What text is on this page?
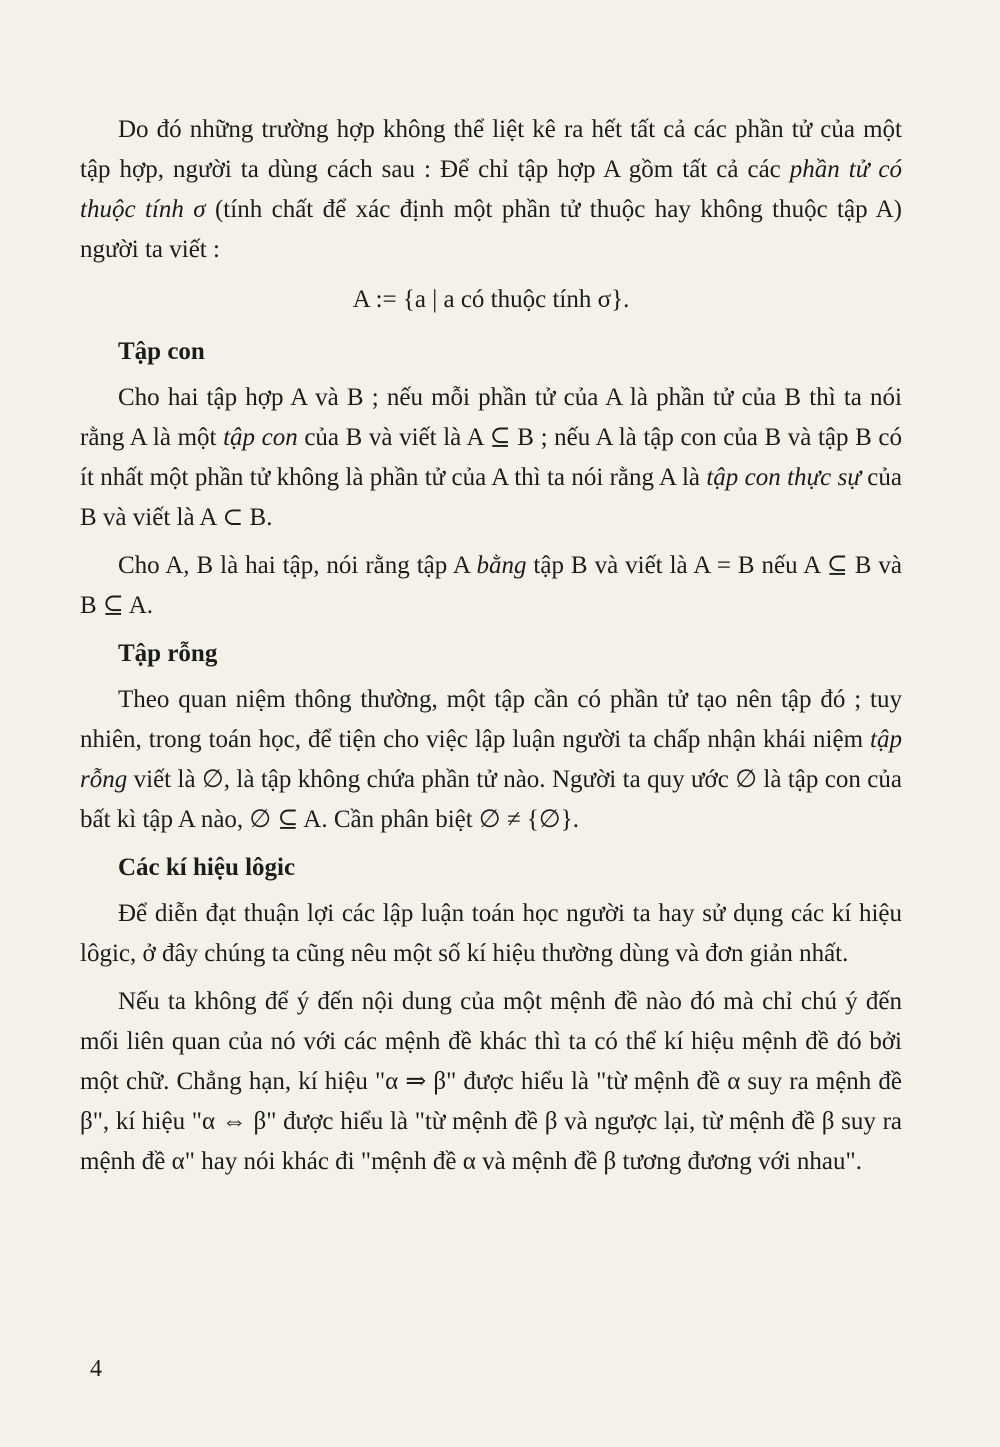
Do đó những trường hợp không thể liệt kê ra hết tất cả các phần tử của một tập hợp, người ta dùng cách sau : Để chỉ tập hợp A gồm tất cả các phần tử có thuộc tính σ (tính chất để xác định một phần tử thuộc hay không thuộc tập A) người ta viết :

A := {a | a có thuộc tính σ}.

Tập con

Cho hai tập hợp A và B ; nếu mỗi phần tử của A là phần tử của B thì ta nói rằng A là một tập con của B và viết là A ⊆ B ; nếu A là tập con của B và tập B có ít nhất một phần tử không là phần tử của A thì ta nói rằng A là tập con thực sự của B và viết là A ⊂ B.

Cho A, B là hai tập, nói rằng tập A bằng tập B và viết là A = B nếu A ⊆ B và B ⊆ A.

Tập rỗng

Theo quan niệm thông thường, một tập cần có phần tử tạo nên tập đó ; tuy nhiên, trong toán học, để tiện cho việc lập luận người ta chấp nhận khái niệm tập rỗng viết là ∅, là tập không chứa phần tử nào. Người ta quy ước ∅ là tập con của bất kì tập A nào, ∅ ⊆ A. Cần phân biệt ∅ ≠ {∅}.

Các kí hiệu lôgic

Để diễn đạt thuận lợi các lập luận toán học người ta hay sử dụng các kí hiệu lôgic, ở đây chúng ta cũng nêu một số kí hiệu thường dùng và đơn giản nhất.

Nếu ta không để ý đến nội dung của một mệnh đề nào đó mà chỉ chú ý đến mối liên quan của nó với các mệnh đề khác thì ta có thể kí hiệu mệnh đề đó bởi một chữ. Chẳng hạn, kí hiệu "α ⇒ β" được hiểu là "từ mệnh đề α suy ra mệnh đề β", kí hiệu "α ⇔ β" được hiểu là "từ mệnh đề β và ngược lại, từ mệnh đề β suy ra mệnh đề α" hay nói khác đi "mệnh đề α và mệnh đề β tương đương với nhau".

4
